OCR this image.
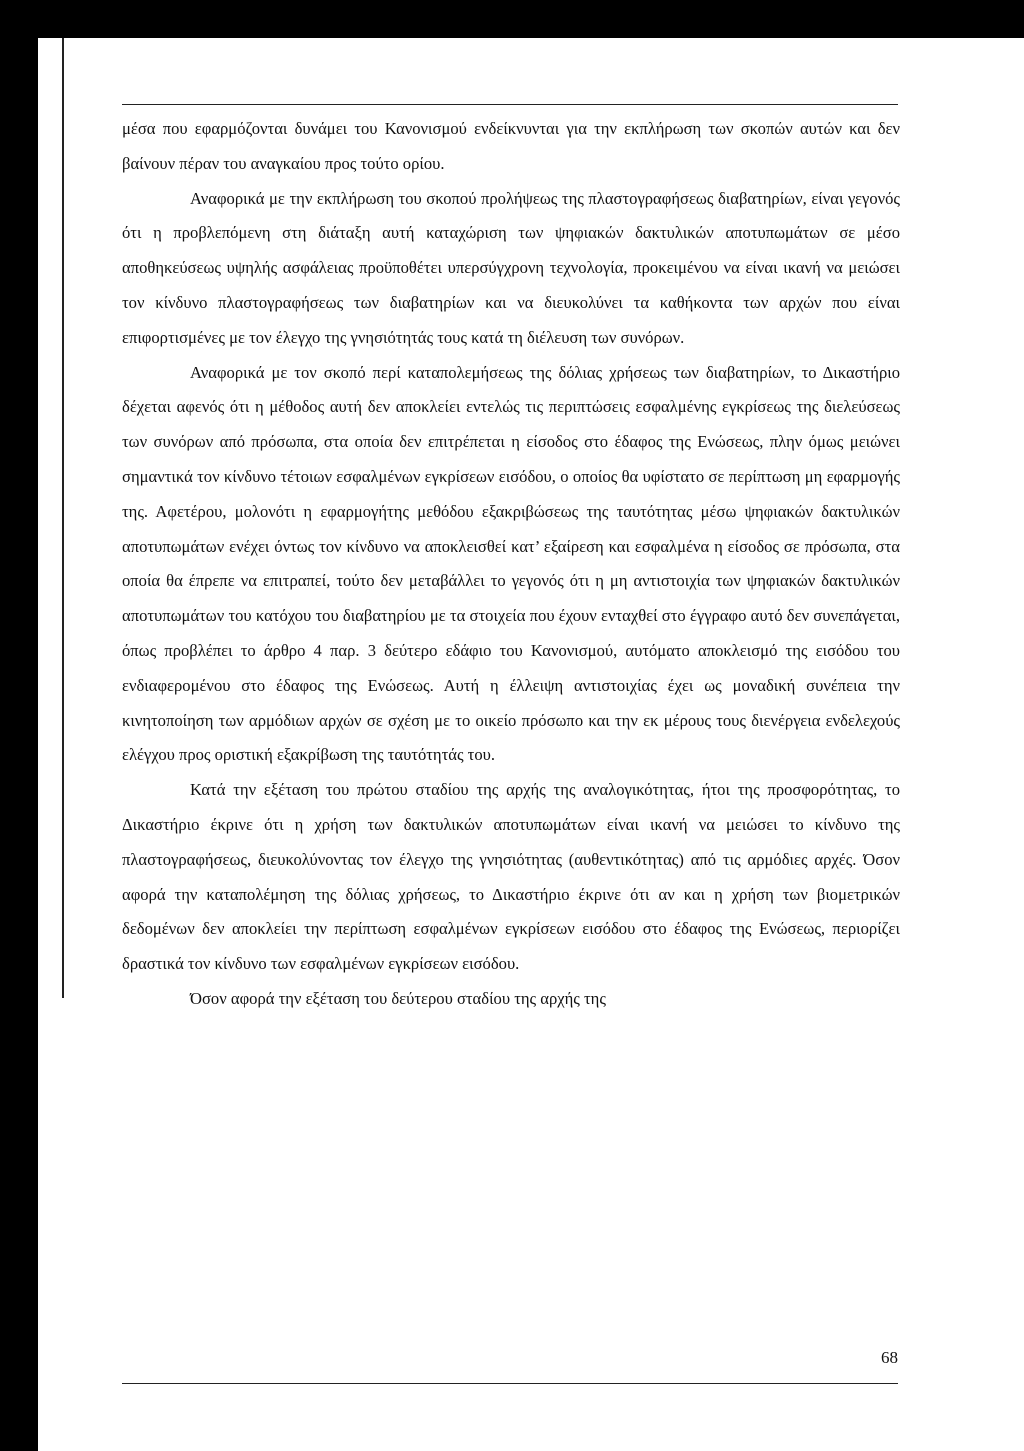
μέσα που εφαρμόζονται δυνάμει του Κανονισμού ενδείκνυνται για την εκπλήρωση των σκοπών αυτών και δεν βαίνουν πέραν του αναγκαίου προς τούτο ορίου.

Αναφορικά με την εκπλήρωση του σκοπού προλήψεως της πλαστογραφήσεως διαβατηρίων, είναι γεγονός ότι η προβλεπόμενη στη διάταξη αυτή καταχώριση των ψηφιακών δακτυλικών αποτυπωμάτων σε μέσο αποθηκεύσεως υψηλής ασφάλειας προϋποθέτει υπερσύγχρονη τεχνολογία, προκειμένου να είναι ικανή να μειώσει τον κίνδυνο πλαστογραφήσεως των διαβατηρίων και να διευκολύνει τα καθήκοντα των αρχών που είναι επιφορτισμένες με τον έλεγχο της γνησιότητάς τους κατά τη διέλευση των συνόρων.

Αναφορικά με τον σκοπό περί καταπολεμήσεως της δόλιας χρήσεως των διαβατηρίων, το Δικαστήριο δέχεται αφενός ότι η μέθοδος αυτή δεν αποκλείει εντελώς τις περιπτώσεις εσφαλμένης εγκρίσεως της διελεύσεως των συνόρων από πρόσωπα, στα οποία δεν επιτρέπεται η είσοδος στο έδαφος της Ενώσεως, πλην όμως μειώνει σημαντικά τον κίνδυνο τέτοιων εσφαλμένων εγκρίσεων εισόδου, ο οποίος θα υφίστατο σε περίπτωση μη εφαρμογής της. Αφετέρου, μολονότι η εφαρμογήτης μεθόδου εξακριβώσεως της ταυτότητας μέσω ψηφιακών δακτυλικών αποτυπωμάτων ενέχει όντως τον κίνδυνο να αποκλεισθεί κατ’ εξαίρεση και εσφαλμένα η είσοδος σε πρόσωπα, στα οποία θα έπρεπε να επιτραπεί, τούτο δεν μεταβάλλει το γεγονός ότι η μη αντιστοιχία των ψηφιακών δακτυλικών αποτυπωμάτων του κατόχου του διαβατηρίου με τα στοιχεία που έχουν ενταχθεί στο έγγραφο αυτό δεν συνεπάγεται, όπως προβλέπει το άρθρο 4 παρ. 3 δεύτερο εδάφιο του Κανονισμού, αυτόματο αποκλεισμό της εισόδου του ενδιαφερομένου στο έδαφος της Ενώσεως. Αυτή η έλλειψη αντιστοιχίας έχει ως μοναδική συνέπεια την κινητοποίηση των αρμόδιων αρχών σε σχέση με το οικείο πρόσωπο και την εκ μέρους τους διενέργεια ενδελεχούς ελέγχου προς οριστική εξακρίβωση της ταυτότητάς του.

Κατά την εξέταση του πρώτου σταδίου της αρχής της αναλογικότητας, ήτοι της προσφορότητας, το Δικαστήριο έκρινε ότι η χρήση των δακτυλικών αποτυπωμάτων είναι ικανή να μειώσει το κίνδυνο της πλαστογραφήσεως, διευκολύνοντας τον έλεγχο της γνησιότητας (αυθεντικότητας) από τις αρμόδιες αρχές. Όσον αφορά την καταπολέμηση της δόλιας χρήσεως, το Δικαστήριο έκρινε ότι αν και η χρήση των βιομετρικών δεδομένων δεν αποκλείει την περίπτωση εσφαλμένων εγκρίσεων εισόδου στο έδαφος της Ενώσεως, περιορίζει δραστικά τον κίνδυνο των εσφαλμένων εγκρίσεων εισόδου.

Όσον αφορά την εξέταση του δεύτερου σταδίου της αρχής της

68
